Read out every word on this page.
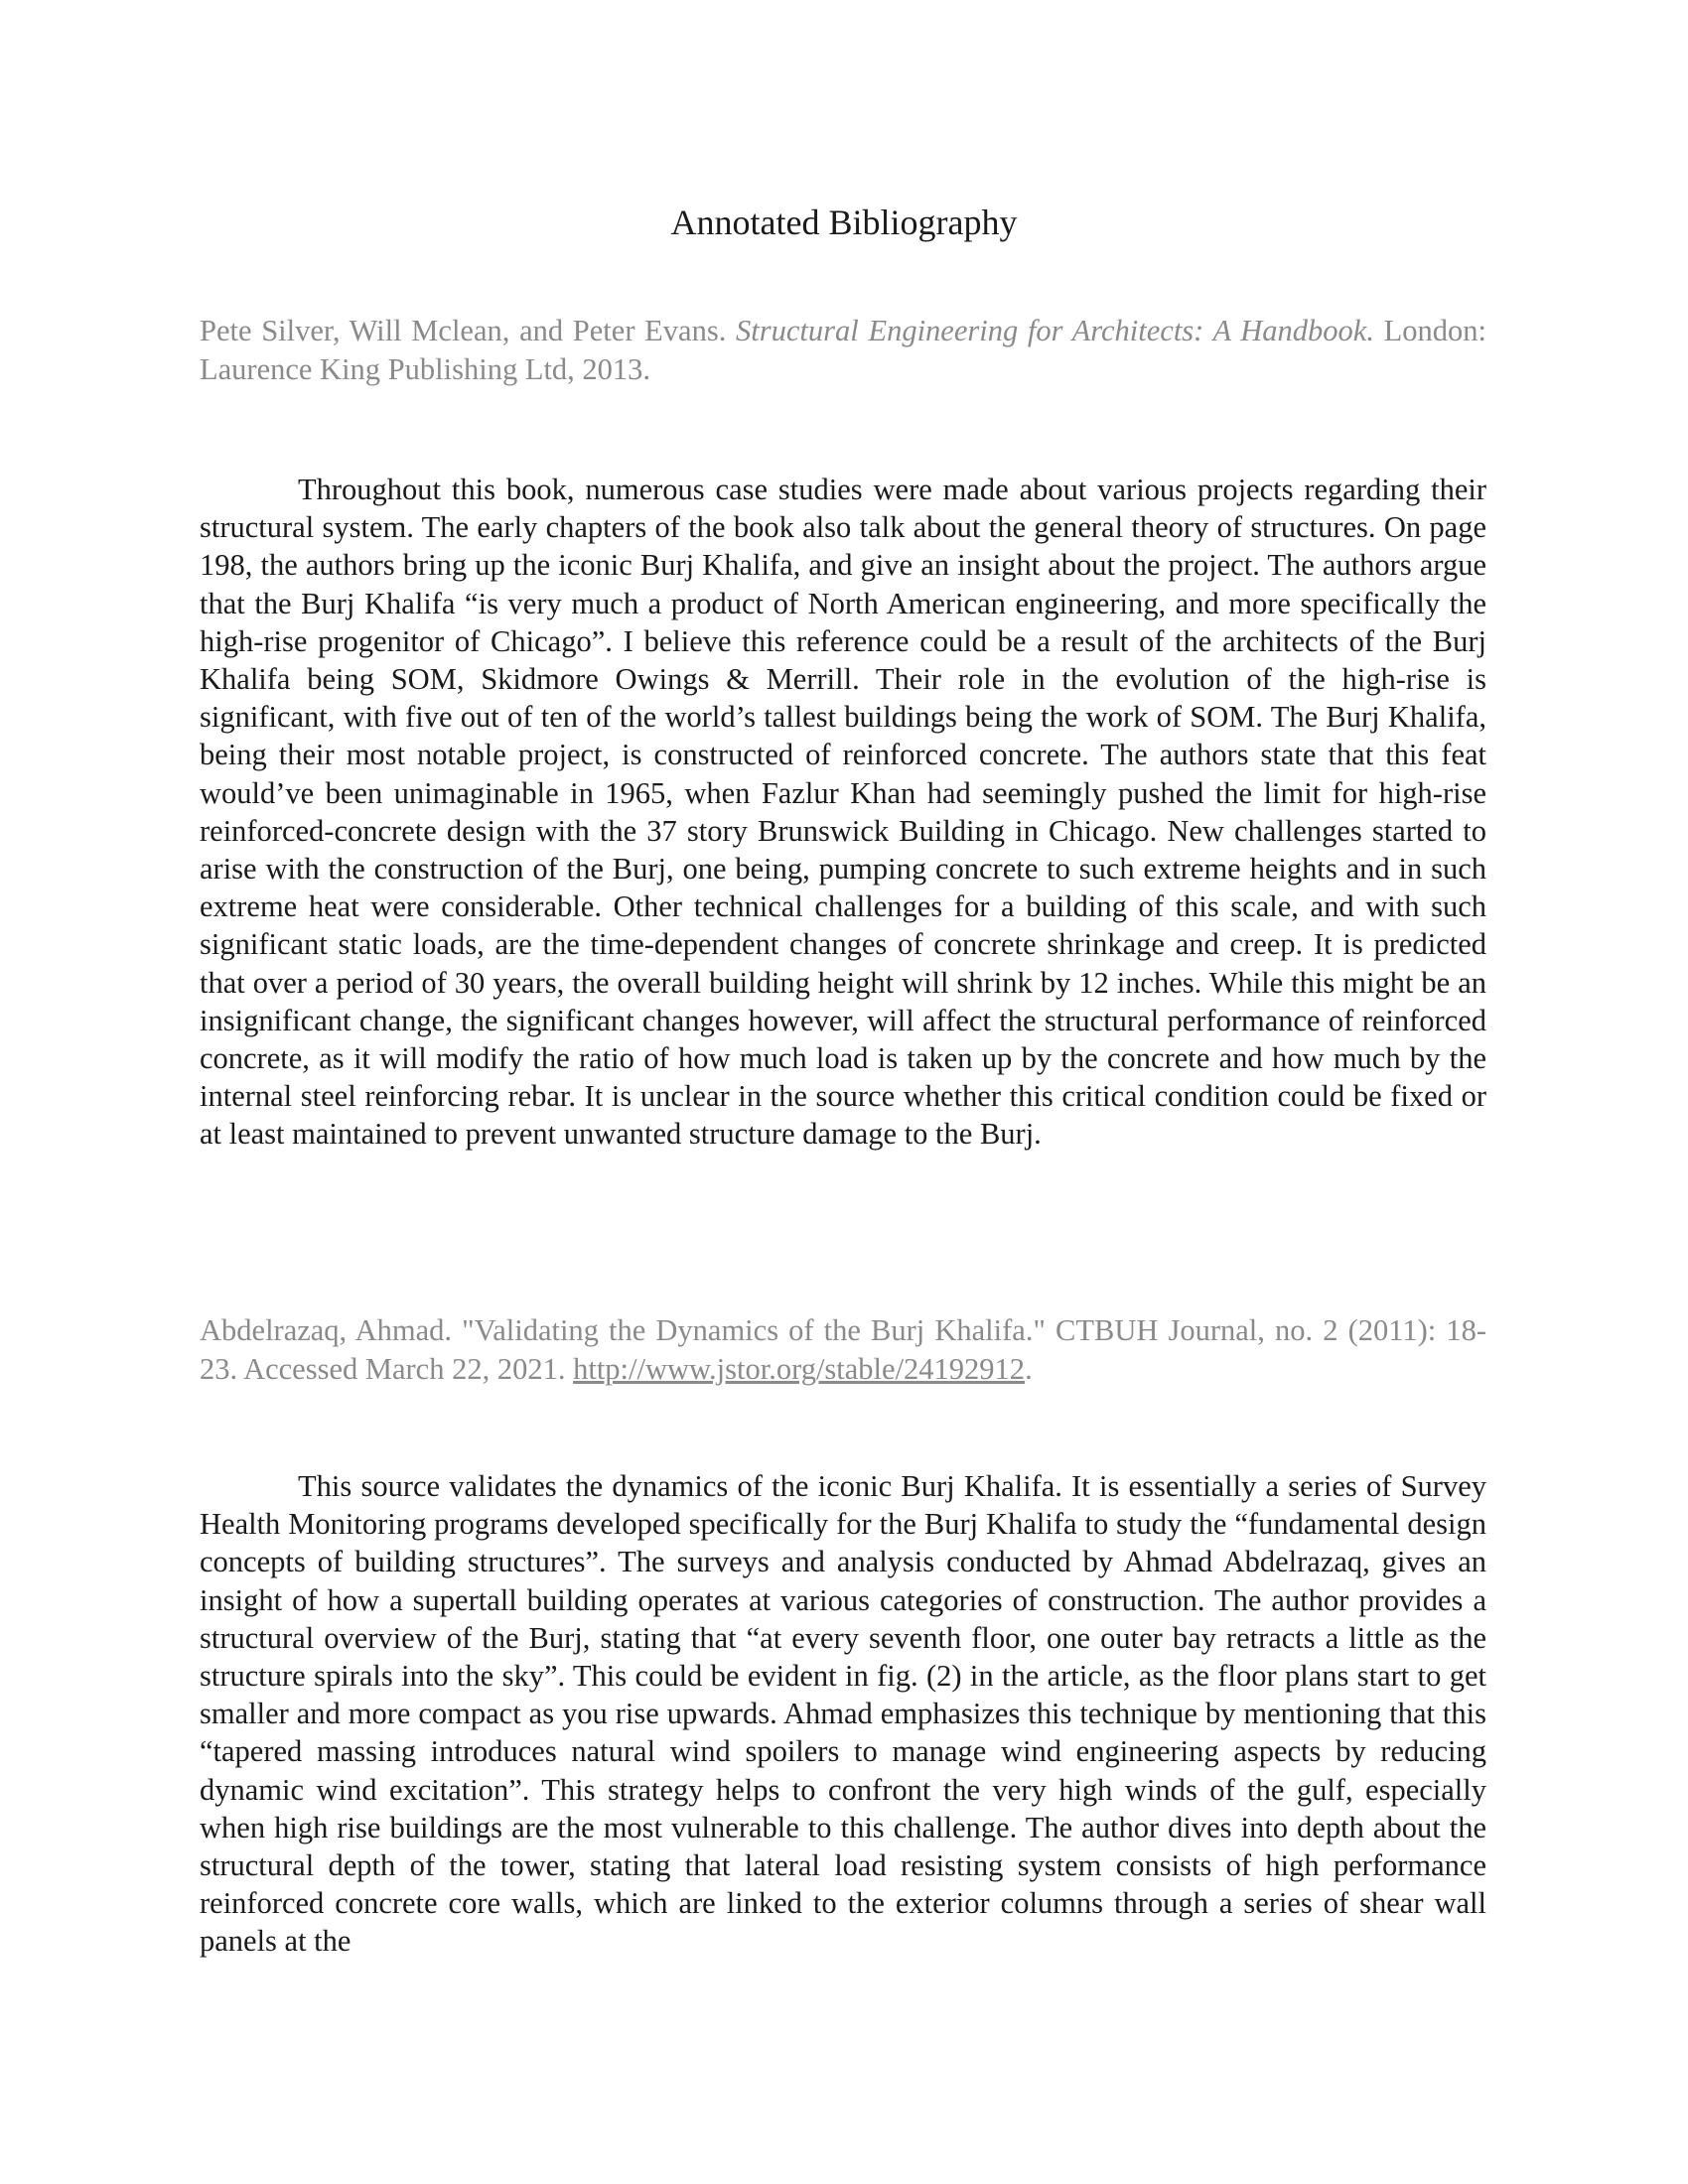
Annotated Bibliography
Pete Silver, Will Mclean, and Peter Evans. Structural Engineering for Architects: A Handbook. London: Laurence King Publishing Ltd, 2013.

Throughout this book, numerous case studies were made about various projects regarding their structural system. The early chapters of the book also talk about the general theory of structures. On page 198, the authors bring up the iconic Burj Khalifa, and give an insight about the project. The authors argue that the Burj Khalifa “is very much a product of North American engineering, and more specifically the high-rise progenitor of Chicago”. I believe this reference could be a result of the architects of the Burj Khalifa being SOM, Skidmore Owings & Merrill. Their role in the evolution of the high-rise is significant, with five out of ten of the world’s tallest buildings being the work of SOM. The Burj Khalifa, being their most notable project, is constructed of reinforced concrete. The authors state that this feat would’ve been unimaginable in 1965, when Fazlur Khan had seemingly pushed the limit for high-rise reinforced-concrete design with the 37 story Brunswick Building in Chicago. New challenges started to arise with the construction of the Burj, one being, pumping concrete to such extreme heights and in such extreme heat were considerable. Other technical challenges for a building of this scale, and with such significant static loads, are the time-dependent changes of concrete shrinkage and creep. It is predicted that over a period of 30 years, the overall building height will shrink by 12 inches. While this might be an insignificant change, the significant changes however, will affect the structural performance of reinforced concrete, as it will modify the ratio of how much load is taken up by the concrete and how much by the internal steel reinforcing rebar. It is unclear in the source whether this critical condition could be fixed or at least maintained to prevent unwanted structure damage to the Burj.

Abdelrazaq, Ahmad. "Validating the Dynamics of the Burj Khalifa." CTBUH Journal, no. 2 (2011): 18-23. Accessed March 22, 2021. http://www.jstor.org/stable/24192912.

This source validates the dynamics of the iconic Burj Khalifa. It is essentially a series of Survey Health Monitoring programs developed specifically for the Burj Khalifa to study the “fundamental design concepts of building structures”. The surveys and analysis conducted by Ahmad Abdelrazaq, gives an insight of how a supertall building operates at various categories of construction. The author provides a structural overview of the Burj, stating that “at every seventh floor, one outer bay retracts a little as the structure spirals into the sky”. This could be evident in fig. (2) in the article, as the floor plans start to get smaller and more compact as you rise upwards. Ahmad emphasizes this technique by mentioning that this “tapered massing introduces natural wind spoilers to manage wind engineering aspects by reducing dynamic wind excitation”. This strategy helps to confront the very high winds of the gulf, especially when high rise buildings are the most vulnerable to this challenge. The author dives into depth about the structural depth of the tower, stating that lateral load resisting system consists of high performance reinforced concrete core walls, which are linked to the exterior columns through a series of shear wall panels at the
